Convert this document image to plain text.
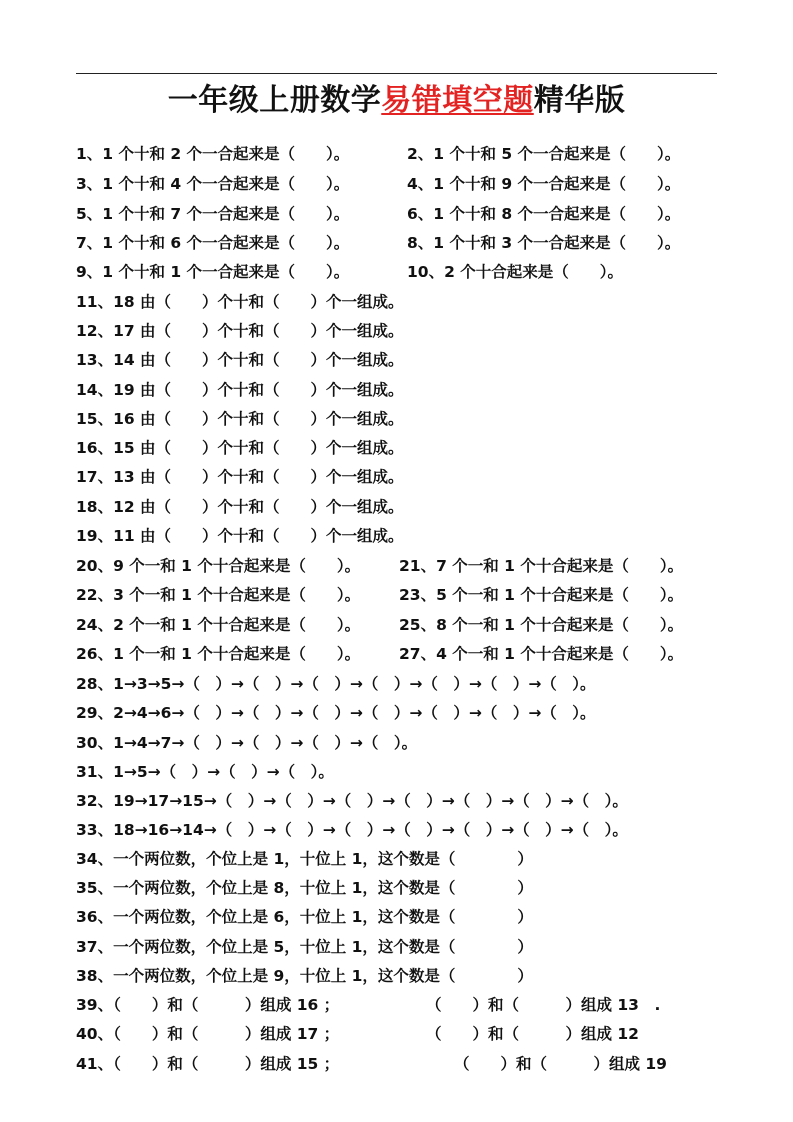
一年级上册数学易错填空题精华版
1、1 个十和 2 个一合起来是（　　）。	2、1 个十和 5 个一合起来是（　　）。
3、1 个十和 4 个一合起来是（　　）。	4、1 个十和 9 个一合起来是（　　）。
5、1 个十和 7 个一合起来是（　　）。	6、1 个十和 8 个一合起来是（　　）。
7、1 个十和 6 个一合起来是（　　）。	8、1 个十和 3 个一合起来是（　　）。
9、1 个十和 1 个一合起来是（　　）。	10、2 个十合起来是（　　）。
11、18 由（　　）个十和（　　）个一组成。
12、17 由（　　）个十和（　　）个一组成。
13、14 由（　　）个十和（　　）个一组成。
14、19 由（　　）个十和（　　）个一组成。
15、16 由（　　）个十和（　　）个一组成。
16、15 由（　　）个十和（　　）个一组成。
17、13 由（　　）个十和（　　）个一组成。
18、12 由（　　）个十和（　　）个一组成。
19、11 由（　　）个十和（　　）个一组成。
20、9 个一和 1 个十合起来是（　　）。	21、7 个一和 1 个十合起来是（　　）。
22、3 个一和 1 个十合起来是（　　）。	23、5 个一和 1 个十合起来是（　　）。
24、2 个一和 1 个十合起来是（　　）。	25、8 个一和 1 个十合起来是（　　）。
26、1 个一和 1 个十合起来是（　　）。	27、4 个一和 1 个十合起来是（　　）。
28、1→3→5→（　）→（　）→（　）→（　）→（　）→（　）→（　）。
29、2→4→6→（　）→（　）→（　）→（　）→（　）→（　）→（　）。
30、1→4→7→（　）→（　）→（　）→（　）。
31、1→5→（　）→（　）→（　）。
32、19→17→15→（　）→（　）→（　）→（　）→（　）→（　）→（　）。
33、18→16→14→（　）→（　）→（　）→（　）→（　）→（　）→（　）。
34、一个两位数，个位上是 1，十位上 1，这个数是（　　　　）
35、一个两位数，个位上是 8，十位上 1，这个数是（　　　　）
36、一个两位数，个位上是 6，十位上 1，这个数是（　　　　）
37、一个两位数，个位上是 5，十位上 1，这个数是（　　　　）
38、一个两位数，个位上是 9，十位上 1，这个数是（　　　　）
39、（　　）和（　　　）组成 16 ；	（　　）和（　　　）组成 13　.
40、（　　）和（　　　）组成 17 ；	（　　）和（　　　）组成 12
41、（　　）和（　　　）组成 15 ；	（　　）和（　　　）组成 19
